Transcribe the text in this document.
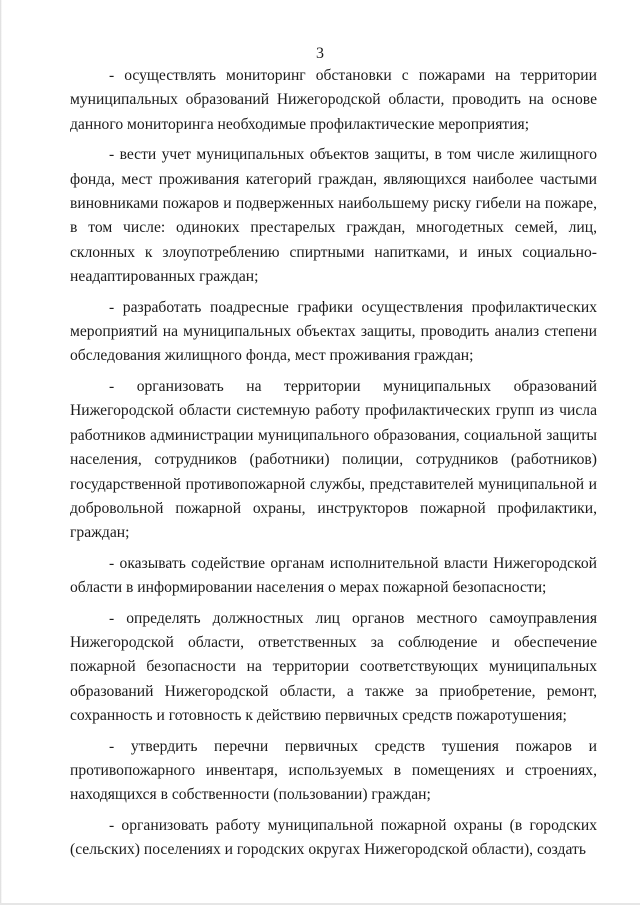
3

- осуществлять мониторинг обстановки с пожарами на территории муниципальных образований Нижегородской области, проводить на основе данного мониторинга необходимые профилактические мероприятия;

- вести учет муниципальных объектов защиты, в том числе жилищного фонда, мест проживания категорий граждан, являющихся наиболее частыми виновниками пожаров и подверженных наибольшему риску гибели на пожаре, в том числе: одиноких престарелых граждан, многодетных семей, лиц, склонных к злоупотреблению спиртными напитками, и иных социально-неадаптированных граждан;

- разработать поадресные графики осуществления профилактических мероприятий на муниципальных объектах защиты, проводить анализ степени обследования жилищного фонда, мест проживания граждан;

- организовать на территории муниципальных образований Нижегородской области системную работу профилактических групп из числа работников администрации муниципального образования, социальной защиты населения, сотрудников (работники) полиции, сотрудников (работников) государственной противопожарной службы, представителей муниципальной и добровольной пожарной охраны, инструкторов пожарной профилактики, граждан;

- оказывать содействие органам исполнительной власти Нижегородской области в информировании населения о мерах пожарной безопасности;

- определять должностных лиц органов местного самоуправления Нижегородской области, ответственных за соблюдение и обеспечение пожарной безопасности на территории соответствующих муниципальных образований Нижегородской области, а также за приобретение, ремонт, сохранность и готовность к действию первичных средств пожаротушения;

- утвердить перечни первичных средств тушения пожаров и противопожарного инвентаря, используемых в помещениях и строениях, находящихся в собственности (пользовании) граждан;

- организовать работу муниципальной пожарной охраны (в городских (сельских) поселениях и городских округах Нижегородской области), создать
